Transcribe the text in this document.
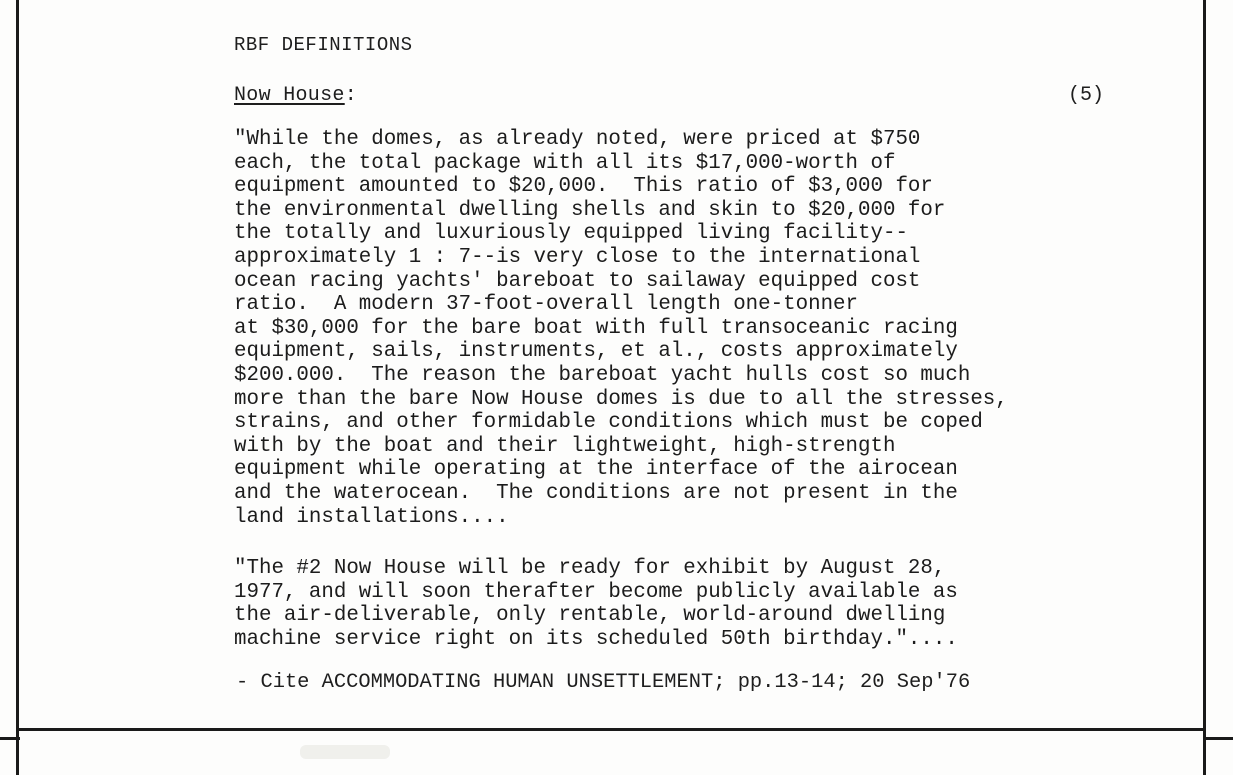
RBF DEFINITIONS
Now House:	(5)
"While the domes, as already noted, were priced at $750
each, the total package with all its $17,000-worth of
equipment amounted to $20,000.  This ratio of $3,000 for
the environmental dwelling shells and skin to $20,000 for
the totally and luxuriously equipped living facility--
approximately 1 : 7--is very close to the international
ocean racing yachts' bareboat to sailaway equipped cost
ratio.  A modern 37-foot-overall length one-tonner
at $30,000 for the bare boat with full transoceanic racing
equipment, sails, instruments, et al., costs approximately
$200.000.  The reason the bareboat yacht hulls cost so much
more than the bare Now House domes is due to all the stresses,
strains, and other formidable conditions which must be coped
with by the boat and their lightweight, high-strength
equipment while operating at the interface of the airocean
and the waterocean.  The conditions are not present in the
land installations....
"The #2 Now House will be ready for exhibit by August 28,
1977, and will soon therafter become publicly available as
the air-deliverable, only rentable, world-around dwelling
machine service right on its scheduled 50th birthday."....
- Cite ACCOMMODATING HUMAN UNSETTLEMENT; pp.13-14; 20 Sep'76
